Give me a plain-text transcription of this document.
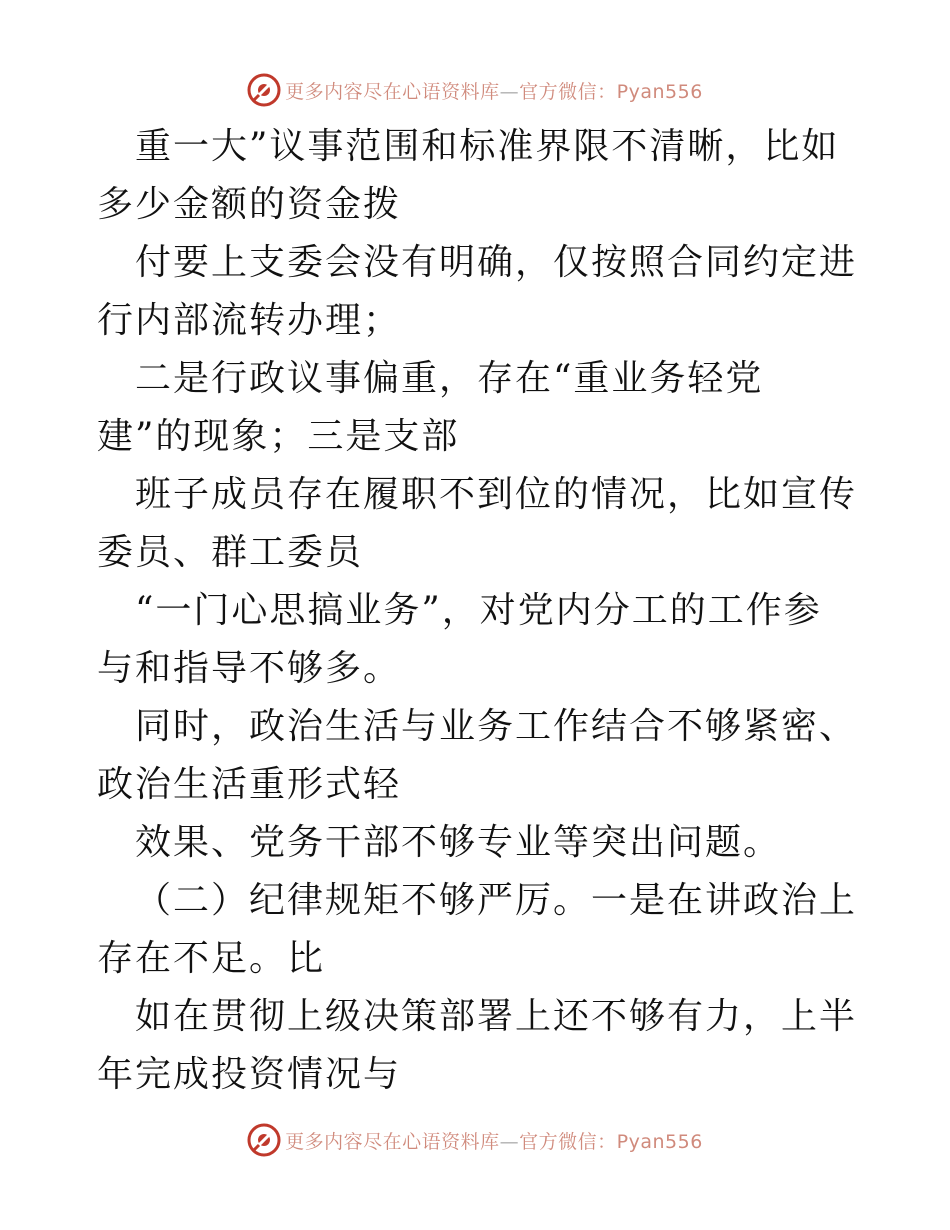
更多内容尽在心语资料库—官方微信：Pyan556

重一大”议事范围和标准界限不清晰，比如多少金额的资金拨

付要上支委会没有明确，仅按照合同约定进行内部流转办理；

二是行政议事偏重，存在“重业务轻党建”的现象；三是支部

班子成员存在履职不到位的情况，比如宣传委员、群工委员

“一门心思搞业务”，对党内分工的工作参与和指导不够多。

同时，政治生活与业务工作结合不够紧密、政治生活重形式轻

效果、党务干部不够专业等突出问题。

（二）纪律规矩不够严厉。一是在讲政治上存在不足。比

如在贯彻上级决策部署上还不够有力，上半年完成投资情况与

更多内容尽在心语资料库—官方微信：Pyan556
